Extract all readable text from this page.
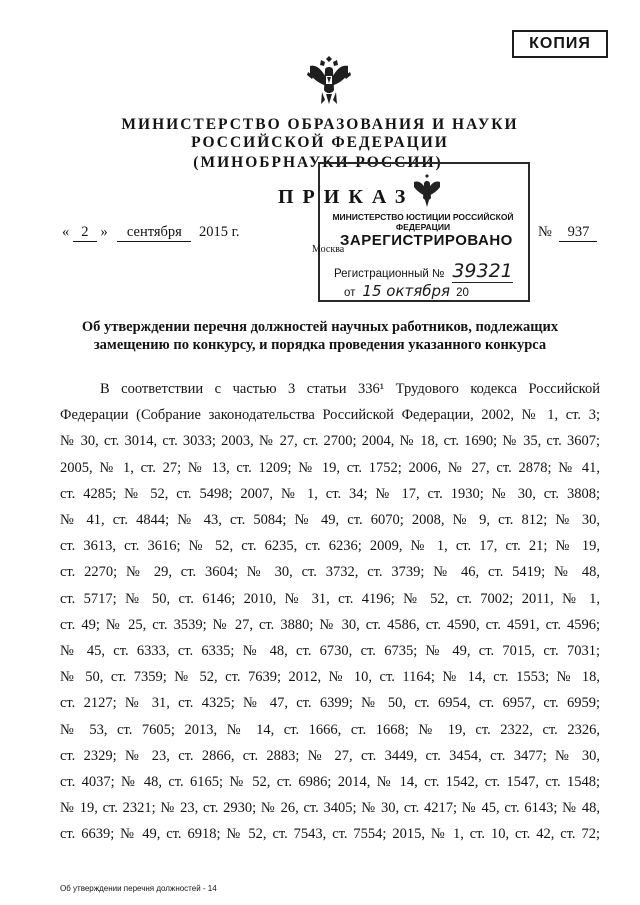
КОПИЯ
МИНИСТЕРСТВО ОБРАЗОВАНИЯ И НАУКИ
РОССИЙСКОЙ ФЕДЕРАЦИИ
(МИНОБРНАУКИ РОССИИ)
ПРИКАЗ
МИНИСТЕРСТВО ЮСТИЦИИ РОССИЙСКОЙ ФЕДЕРАЦИИ
« 2 » сентября 2015 г.	ЗАРЕГИСТРИРОВАНО
Москва
№ 937
Регистрационный № 39321
от 15 октября 20
Об утверждении перечня должностей научных работников, подлежащих
замещению по конкурсу, и порядка проведения указанного конкурса
В соответствии с частью 3 статьи 336¹ Трудового кодекса Российской
Федерации (Собрание законодательства Российской Федерации, 2002, № 1, ст. 3;
№ 30, ст. 3014, ст. 3033; 2003, № 27, ст. 2700; 2004, № 18, ст. 1690; № 35, ст. 3607;
2005, № 1, ст. 27; № 13, ст. 1209; № 19, ст. 1752; 2006, № 27, ст. 2878; № 41,
ст. 4285; № 52, ст. 5498; 2007, № 1, ст. 34; № 17, ст. 1930; № 30, ст. 3808;
№ 41, ст. 4844; № 43, ст. 5084; № 49, ст. 6070; 2008, № 9, ст. 812; № 30,
ст. 3613, ст. 3616; № 52, ст. 6235, ст. 6236; 2009, № 1, ст. 17, ст. 21; № 19,
ст. 2270; № 29, ст. 3604; № 30, ст. 3732, ст. 3739; № 46, ст. 5419; № 48,
ст. 5717; № 50, ст. 6146; 2010, № 31, ст. 4196; № 52, ст. 7002; 2011, № 1,
ст. 49; № 25, ст. 3539; № 27, ст. 3880; № 30, ст. 4586, ст. 4590, ст. 4591, ст. 4596;
№ 45, ст. 6333, ст. 6335; № 48, ст. 6730, ст. 6735; № 49, ст. 7015, ст. 7031;
№ 50, ст. 7359; № 52, ст. 7639; 2012, № 10, ст. 1164; № 14, ст. 1553; № 18,
ст. 2127; № 31, ст. 4325; № 47, ст. 6399; № 50, ст. 6954, ст. 6957, ст. 6959;
№ 53, ст. 7605; 2013, № 14, ст. 1666, ст. 1668; № 19, ст. 2322, ст. 2326,
ст. 2329; № 23, ст. 2866, ст. 2883; № 27, ст. 3449, ст. 3454, ст. 3477; № 30,
ст. 4037; № 48, ст. 6165; № 52, ст. 6986; 2014, № 14, ст. 1542, ст. 1547, ст. 1548;
№ 19, ст. 2321; № 23, ст. 2930; № 26, ст. 3405; № 30, ст. 4217; № 45, ст. 6143; № 48,
ст. 6639; № 49, ст. 6918; № 52, ст. 7543, ст. 7554; 2015, № 1, ст. 10, ст. 42, ст. 72;
Об утверждении перечня должностей - 14
